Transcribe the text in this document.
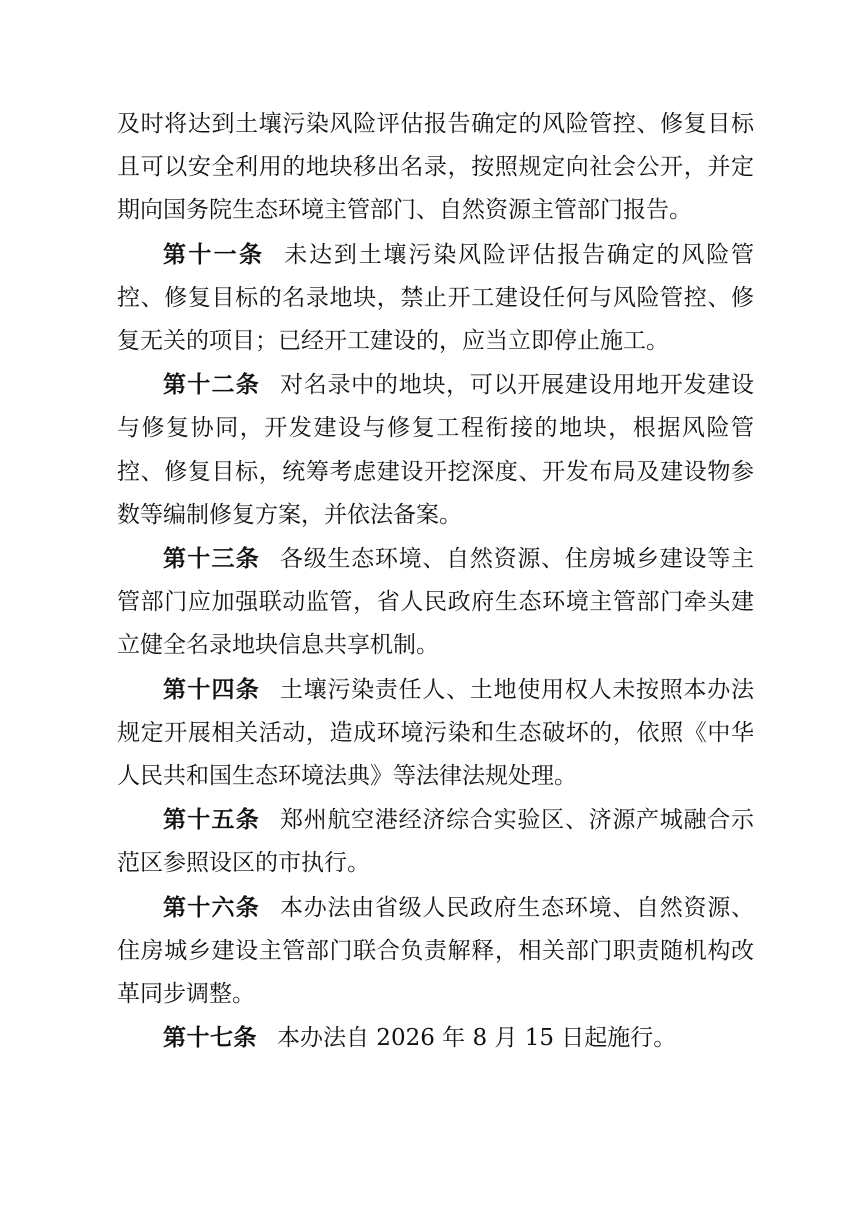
及时将达到土壤污染风险评估报告确定的风险管控、修复目标且可以安全利用的地块移出名录，按照规定向社会公开，并定期向国务院生态环境主管部门、自然资源主管部门报告。

第十一条 未达到土壤污染风险评估报告确定的风险管控、修复目标的名录地块，禁止开工建设任何与风险管控、修复无关的项目；已经开工建设的，应当立即停止施工。

第十二条 对名录中的地块，可以开展建设用地开发建设与修复协同，开发建设与修复工程衔接的地块，根据风险管控、修复目标，统筹考虑建设开挖深度、开发布局及建设物参数等编制修复方案，并依法备案。

第十三条 各级生态环境、自然资源、住房城乡建设等主管部门应加强联动监管，省人民政府生态环境主管部门牵头建立健全名录地块信息共享机制。

第十四条 土壤污染责任人、土地使用权人未按照本办法规定开展相关活动，造成环境污染和生态破坏的，依照《中华人民共和国生态环境法典》等法律法规处理。

第十五条 郑州航空港经济综合实验区、济源产城融合示范区参照设区的市执行。

第十六条 本办法由省级人民政府生态环境、自然资源、住房城乡建设主管部门联合负责解释，相关部门职责随机构改革同步调整。

第十七条 本办法自 2026 年 8 月 15 日起施行。
